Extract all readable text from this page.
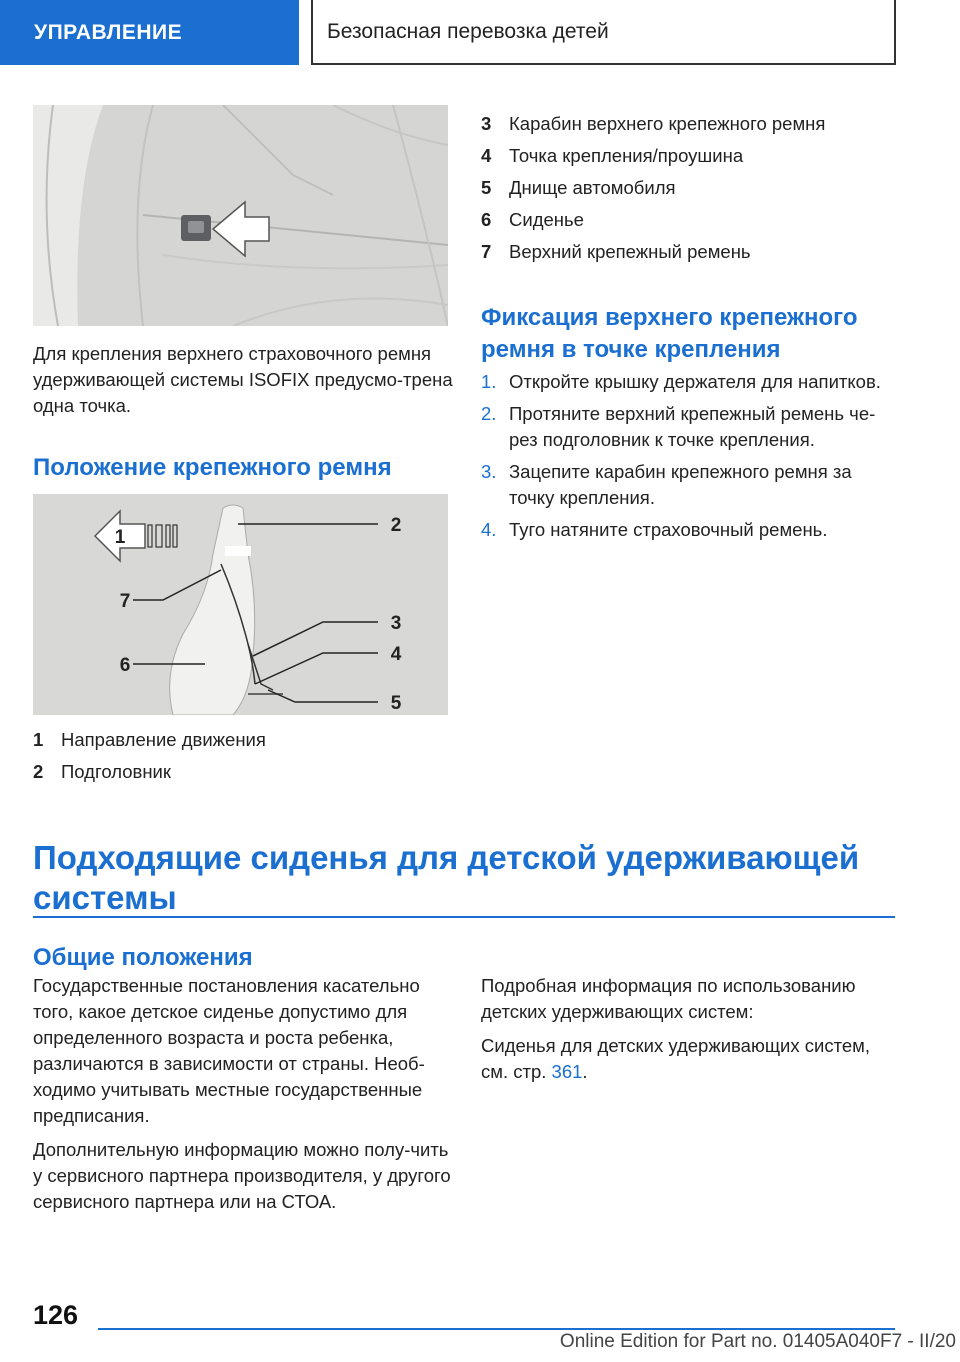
УПРАВЛЕНИЕ	Безопасная перевозка детей

Для крепления верхнего страховочного ремня удерживающей системы ISOFIX предусмо-трена одна точка.

Положение крепежного ремня
1
2
3
4
5
6
7
1 Направление движения
2 Подголовник
3 Карабин верхнего крепежного ремня
4 Точка крепления/проушина
5 Днище автомобиля
6 Сиденье
7 Верхний крепежный ремень
Фиксация верхнего крепежного ремня в точке крепления
1. Откройте крышку держателя для напитков.
2. Протяните верхний крепежный ремень че-рез подголовник к точке крепления.
3. Зацепите карабин крепежного ремня за точку крепления.
4. Туго натяните страховочный ремень.
Подходящие сиденья для детской удерживающей системы
Общие положения

Государственные постановления касательно того, какое детское сиденье допустимо для определенного возраста и роста ребенка, различаются в зависимости от страны. Необ-ходимо учитывать местные государственные предписания.

Дополнительную информацию можно полу-чить у сервисного партнера производителя, у другого сервисного партнера или на СТОА.

Подробная информация по использованию детских удерживающих систем:

Сиденья для детских удерживающих систем, см. стр. 361.

126
Online Edition for Part no. 01405A040F7 - II/20
